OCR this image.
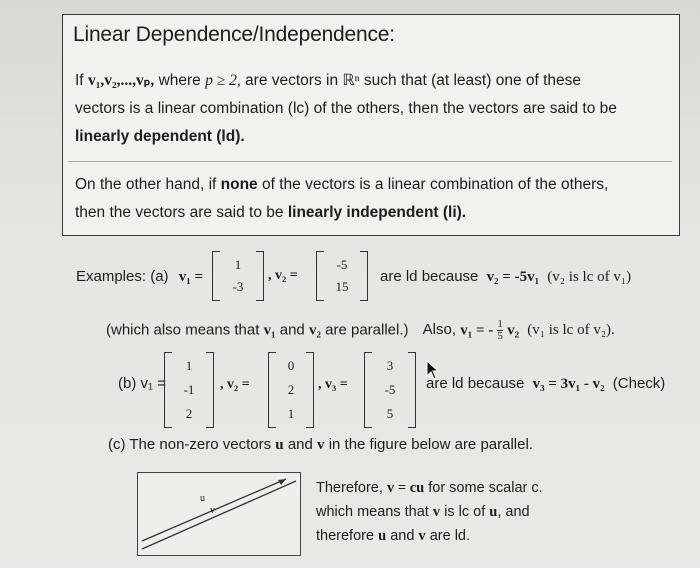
Linear Dependence/Independence:
If v₁,v₂,...,vₚ, where p ≥ 2, are vectors in ℝⁿ such that (at least) one of these
vectors is a linear combination (lc) of the others, then the vectors are said to be
linearly dependent (ld).
On the other hand, if none of the vectors is a linear combination of the others,
then the vectors are said to be linearly independent (li).
Examples: (a) v₁ =
1
-3
, v₂ =
-5
15
are ld because v₂ = -5v₁ (v₂ is lc of v₁)
(which also means that v₁ and v₂ are parallel.) Also, v₁ = - $\frac{1}{5} v_2$ (v₁ is lc of v₂).
(b) v₁ =
1
-1
2
, v₂ =
0
2
1
, v₃ =
3
-5
5
are ld because v₃ = 3v₁ - v₂ (Check)
(c) The non-zero vectors u and v in the figure below are parallel.
u
v
Therefore, v = cu for some scalar c.
which means that v is lc of u, and
therefore u and v are ld.
